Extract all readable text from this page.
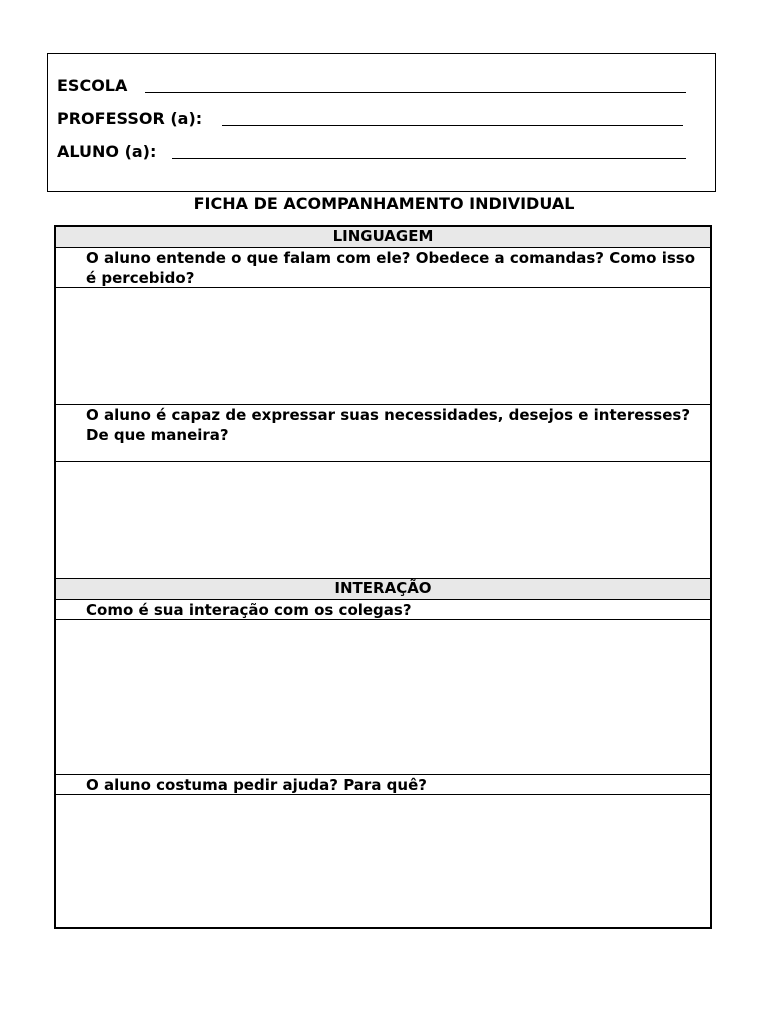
ESCOLA
PROFESSOR (a):
ALUNO (a):
FICHA DE ACOMPANHAMENTO INDIVIDUAL
LINGUAGEM
O aluno entende o que falam com ele? Obedece a comandas? Como isso é percebido?
O aluno é capaz de expressar suas necessidades, desejos e interesses? De que maneira?
INTERAÇÃO
Como é sua interação com os colegas?
O aluno costuma pedir ajuda? Para quê?
